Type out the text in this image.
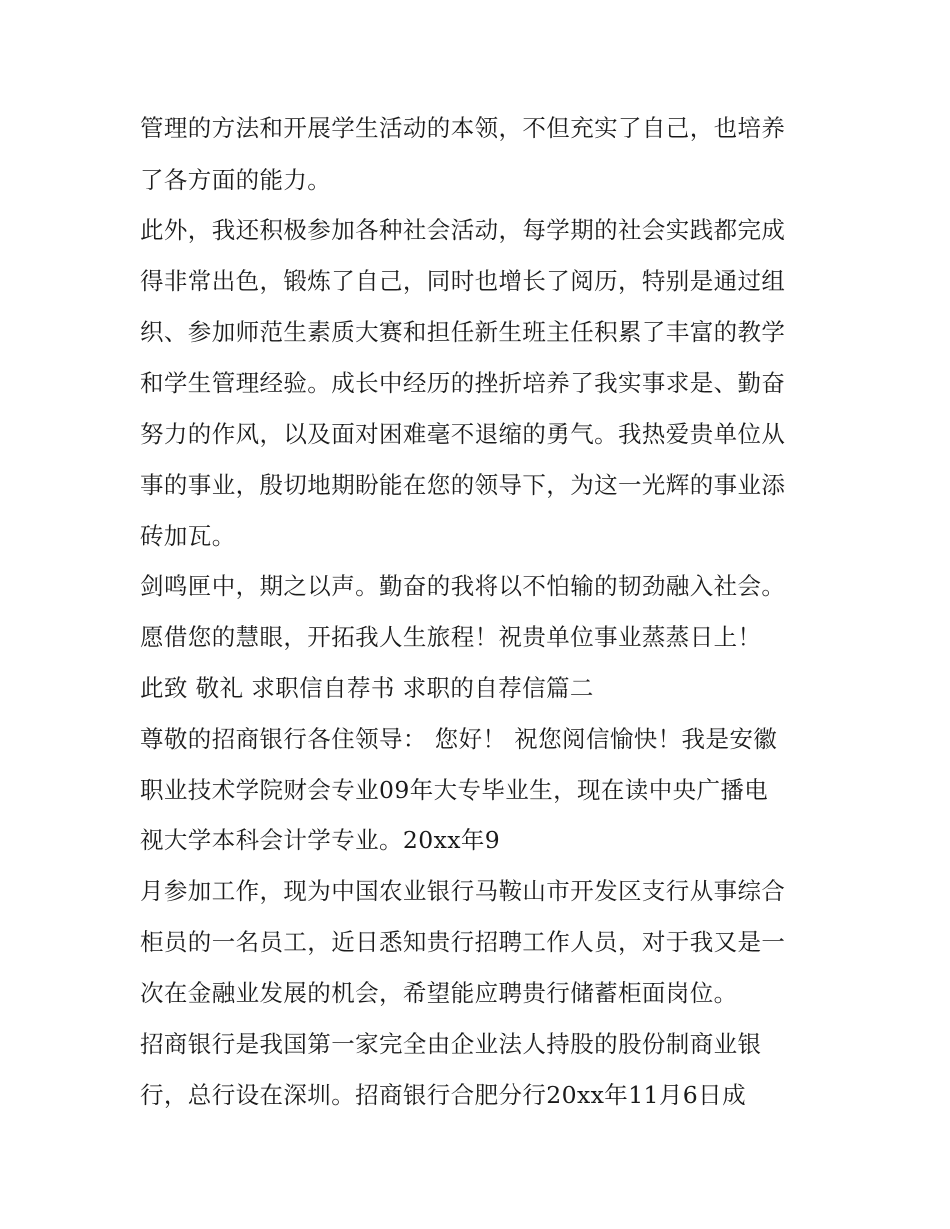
管理的方法和开展学生活动的本领，不但充实了自己，也培养

了各方面的能力。

此外，我还积极参加各种社会活动，每学期的社会实践都完成

得非常出色，锻炼了自己，同时也增长了阅历，特别是通过组

织、参加师范生素质大赛和担任新生班主任积累了丰富的教学

和学生管理经验。成长中经历的挫折培养了我实事求是、勤奋

努力的作风，以及面对困难毫不退缩的勇气。我热爱贵单位从

事的事业，殷切地期盼能在您的领导下，为这一光辉的事业添

砖加瓦。

剑鸣匣中，期之以声。勤奋的我将以不怕输的韧劲融入社会。

愿借您的慧眼，开拓我人生旅程！祝贵单位事业蒸蒸日上！

此致 敬礼 求职信自荐书 求职的自荐信篇二

尊敬的招商银行各住领导： 您好！ 祝您阅信愉快！我是安徽

职业技术学院财会专业09年大专毕业生，现在读中央广播电

视大学本科会计学专业。20xx年9

月参加工作，现为中国农业银行马鞍山市开发区支行从事综合

柜员的一名员工，近日悉知贵行招聘工作人员，对于我又是一

次在金融业发展的机会，希望能应聘贵行储蓄柜面岗位。

招商银行是我国第一家完全由企业法人持股的股份制商业银

行，总行设在深圳。招商银行合肥分行20xx年11月6日成
